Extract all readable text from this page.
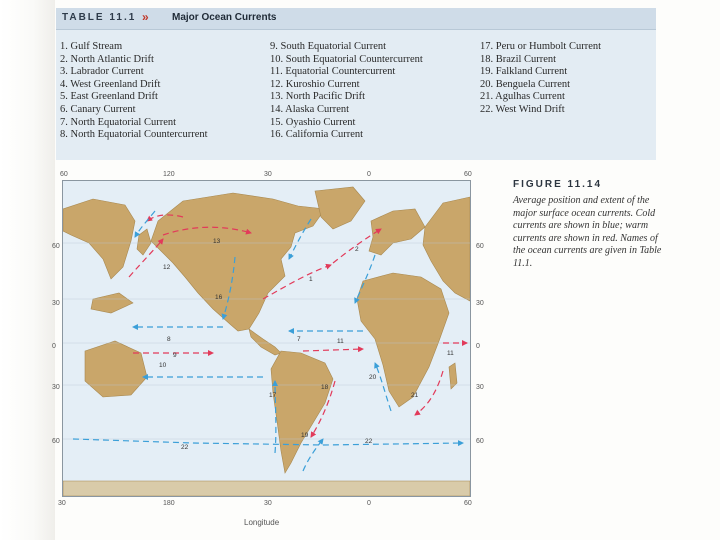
TABLE 11.1 » Major Ocean Currents
1. Gulf Stream
2. North Atlantic Drift
3. Labrador Current
4. West Greenland Drift
5. East Greenland Drift
6. Canary Current
7. North Equatorial Current
8. North Equatorial Countercurrent
9. South Equatorial Current
10. South Equatorial Countercurrent
11. Equatorial Countercurrent
12. Kuroshio Current
13. North Pacific Drift
14. Alaska Current
15. Oyashio Current
16. California Current
17. Peru or Humbolt Current
18. Brazil Current
19. Falkland Current
20. Benguela Current
21. Agulhas Current
22. West Wind Drift
60	120	30	0	60
30	180	30	0	60
60
30
0
30
60
60
30
0
30
60
12
13
16
8
9
10
7	11
17
19
20
21
22
22
18
11
1
2
Longitude
FIGURE 11.14
Average position and extent of the major surface ocean currents. Cold currents are shown in blue; warm currents are shown in red. Names of the ocean currents are given in Table 11.1.
